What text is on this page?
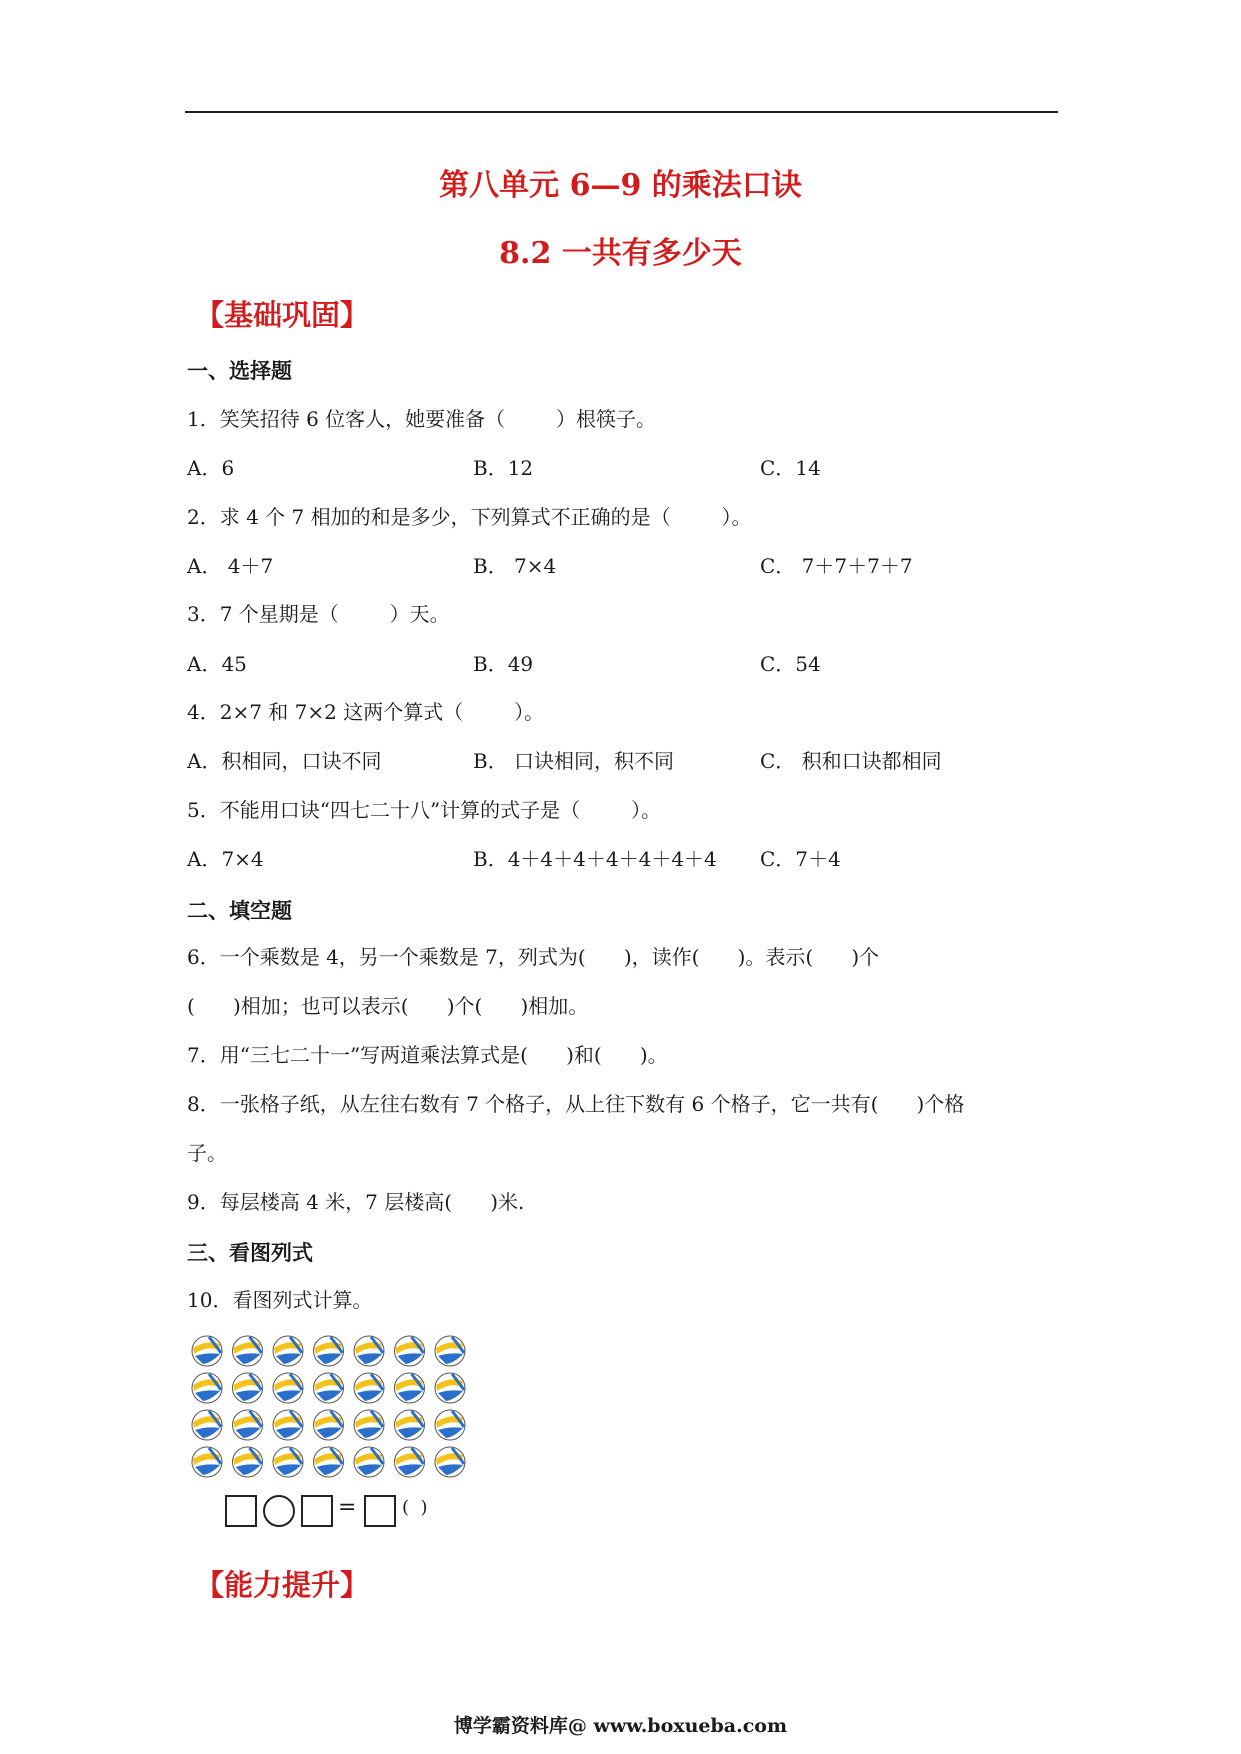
第八单元 6—9 的乘法口诀
8.2 一共有多少天
【基础巩固】
一、选择题
1．笑笑招待 6 位客人，她要准备（        ）根筷子。
A．6	B．12	C．14
2．求 4 个 7 相加的和是多少，下列算式不正确的是（        ）。
A． 4＋7	B． 7×4	C． 7＋7＋7＋7
3．7 个星期是（        ）天。
A．45	B．49	C．54
4．2×7 和 7×2 这两个算式（        ）。
A．积相同，口诀不同	B． 口诀相同，积不同	C． 积和口诀都相同
5．不能用口诀“四七二十八”计算的式子是（        ）。
A．7×4	B．4＋4＋4＋4＋4＋4＋4 C．7＋4
二、填空题
6．一个乘数是 4，另一个乘数是 7，列式为(      )，读作(      )。表示(      )个
(      )相加；也可以表示(      )个(      )相加。
7．用“三七二十一”写两道乘法算式是(      )和(      )。
8．一张格子纸，从左往右数有 7 个格子，从上往下数有 6 个格子，它一共有(      )个格
子。
9．每层楼高 4 米，7 层楼高(      )米.
三、看图列式
10．看图列式计算。
=	(  )
【能力提升】
博学霸资料库@ www.boxueba.com
